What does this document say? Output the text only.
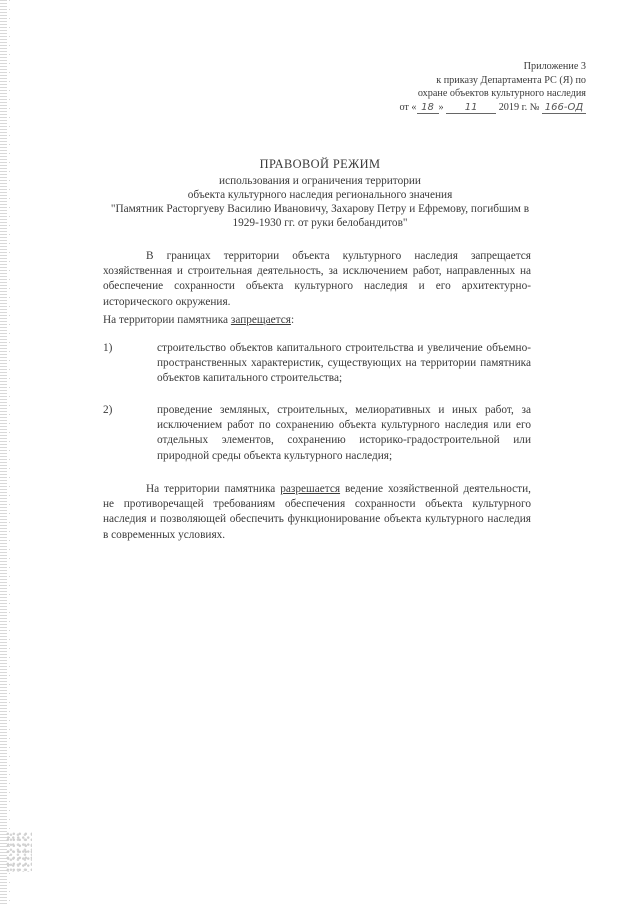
Приложение 3
к приказу Департамента РС (Я) по
охране объектов культурного наследия
от « 18 » 11 2019 г. № 166-ОД
ПРАВОВОЙ РЕЖИМ
использования и ограничения территории
объекта культурного наследия регионального значения
"Памятник Расторгуеву Василию Ивановичу, Захарову Петру и Ефремову, погибшим в
1929-1930 гг. от руки белобандитов"
В границах территории объекта культурного наследия запрещается хозяйственная и строительная деятельность, за исключением работ, направленных на обеспечение сохранности объекта культурного наследия и его архитектурно-исторического окружения.
На территории памятника запрещается:
1)	строительство объектов капитального строительства и увеличение объемно-пространственных характеристик, существующих на территории памятника объектов капитального строительства;
2)	проведение земляных, строительных, мелиоративных и иных работ, за исключением работ по сохранению объекта культурного наследия или его отдельных элементов, сохранению историко-градостроительной или природной среды объекта культурного наследия;
На территории памятника разрешается ведение хозяйственной деятельности, не противоречащей требованиям обеспечения сохранности объекта культурного наследия и позволяющей обеспечить функционирование объекта культурного наследия в современных условиях.
